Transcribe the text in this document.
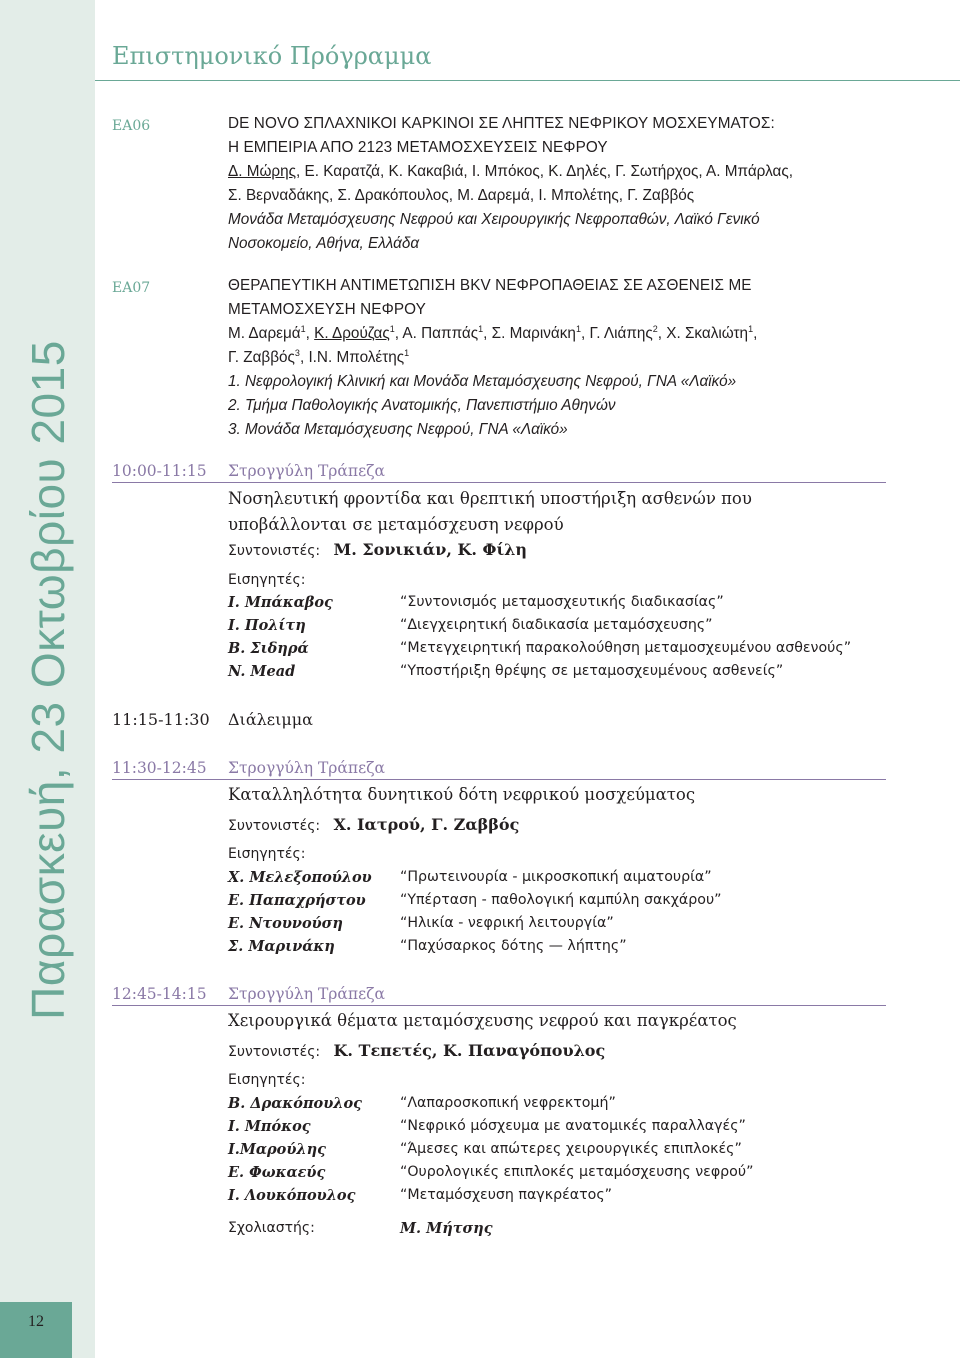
Παρασκευή, 23 Οκτωβρίου 2015
12
Επιστημονικό Πρόγραμμα
ΕΑ06	DE NOVO ΣΠΛΑΧΝΙΚΟΙ ΚΑΡΚΙΝΟΙ ΣΕ ΛΗΠΤΕΣ ΝΕΦΡΙΚΟΥ ΜΟΣΧΕΥΜΑΤΟΣ:
Η ΕΜΠΕΙΡΙΑ ΑΠΟ 2123 ΜΕΤΑΜΟΣΧΕΥΣΕΙΣ ΝΕΦΡΟΥ
Δ. Μώρης, Ε. Καρατζά, Κ. Κακαβιά, Ι. Μπόκος, Κ. Δηλές, Γ. Σωτήρχος, Α. Μπάρλας,
Σ. Βερναδάκης, Σ. Δρακόπουλος, Μ. Δαρεμά, Ι. Μπολέτης, Γ. Ζαββός
Μονάδα Μεταμόσχευσης Νεφρού και Χειρουργικής Νεφροπαθών, Λαϊκό Γενικό
Νοσοκομείο, Αθήνα, Ελλάδα
ΕΑ07	ΘΕΡΑΠΕΥΤΙΚΗ ΑΝΤΙΜΕΤΩΠΙΣΗ BKV ΝΕΦΡΟΠΑΘΕΙΑΣ ΣΕ ΑΣΘΕΝΕΙΣ ΜΕ
ΜΕΤΑΜΟΣΧΕΥΣΗ ΝΕΦΡΟΥ
Μ. Δαρεμά$^1$, Κ. Δρούζας$^1$, Α. Παππάς$^1$, Σ. Μαρινάκη$^1$, Γ. Λιάπης$^2$, Χ. Σκαλιώτη$^1$,
Γ. Ζαββός$^3$, Ι.Ν. Μπολέτης$^1$
1. Νεφρολογική Κλινική και Μονάδα Μεταμόσχευσης Νεφρού, ΓΝΑ «Λαϊκό»
2. Τμήμα Παθολογικής Ανατομικής, Πανεπιστήμιο Αθηνών
3. Μονάδα Μεταμόσχευσης Νεφρού, ΓΝΑ «Λαϊκό»
10:00-11:15 Στρογγύλη Τράπεζα
Νοσηλευτική φροντίδα και θρεπτική υποστήριξη ασθενών που
υποβάλλονται σε μεταμόσχευση νεφρού
Συντονιστές: Μ. Σονικιάν, Κ. Φίλη
Εισηγητές:
Ι. Μπάκαβος	“Συντονισμός μεταμοσχευτικής διαδικασίας”
Ι. Πολίτη	“Διεγχειρητική διαδικασία μεταμόσχευσης”
Β. Σιδηρά	“Μετεγχειρητική παρακολούθηση μεταμοσχευμένου ασθενούς”
N. Mead	“Υποστήριξη θρέψης σε μεταμοσχευμένους ασθενείς”
11:15-11:30 Διάλειμμα
11:30-12:45 Στρογγύλη Τράπεζα
Καταλληλότητα δυνητικού δότη νεφρικού μοσχεύματος
Συντονιστές: Χ. Ιατρού, Γ. Ζαββός
Εισηγητές:
Χ. Μελεξοπούλου “Πρωτεινουρία - μικροσκοπική αιματουρία”
Ε. Παπαχρήστου “Υπέρταση - παθολογική καμπύλη σακχάρου”
Ε. Ντουνούση	“Ηλικία - νεφρική λειτουργία”
Σ. Μαρινάκη	“Παχύσαρκος δότης — λήπτης”
12:45-14:15 Στρογγύλη Τράπεζα
Χειρουργικά θέματα μεταμόσχευσης νεφρού και παγκρέατος
Συντονιστές: Κ. Τεπετές, Κ. Παναγόπουλος
Εισηγητές:
Β. Δρακόπουλος	“Λαπαροσκοπική νεφρεκτομή”
Ι. Μπόκος	“Νεφρικό μόσχευμα με ανατομικές παραλλαγές”
Ι.Μαρούλης	“Άμεσες και απώτερες χειρουργικές επιπλοκές”
Ε. Φωκαεύς	“Ουρολογικές επιπλοκές μεταμόσχευσης νεφρού”
Ι. Λουκόπουλος	“Μεταμόσχευση παγκρέατος”
Σχολιαστής:	Μ. Μήτσης
